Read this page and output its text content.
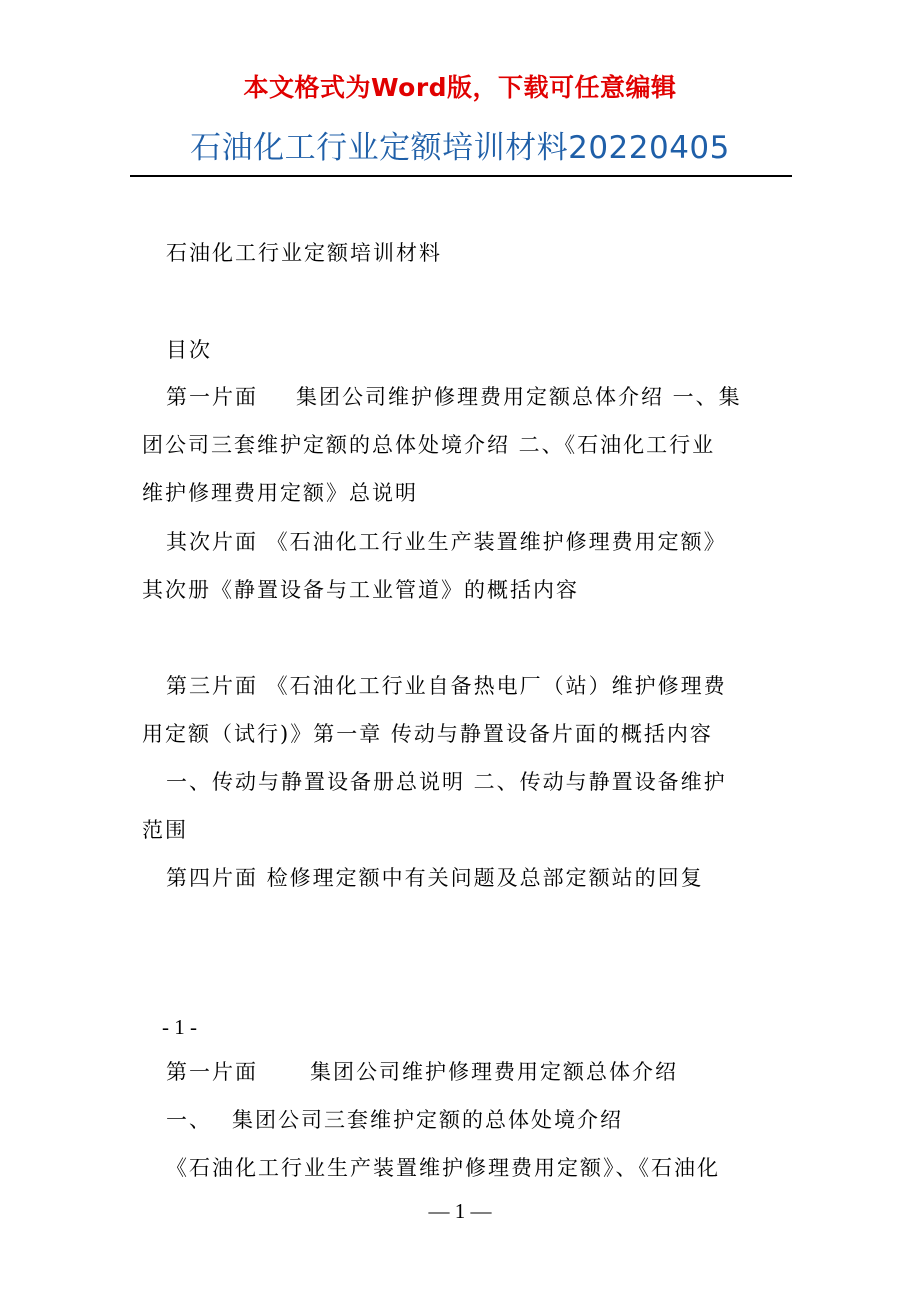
本文格式为Word版，下载可任意编辑
石油化工行业定额培训材料20220405
石油化工行业定额培训材料
目次
第一片面 集团公司维护修理费用定额总体介绍 一、集
团公司三套维护定额的总体处境介绍 二、《石油化工行业
维护修理费用定额》总说明
其次片面 《石油化工行业生产装置维护修理费用定额》
其次册《静置设备与工业管道》的概括内容
第三片面 《石油化工行业自备热电厂（站）维护修理费
用定额（试行)》第一章 传动与静置设备片面的概括内容
一、传动与静置设备册总说明 二、传动与静置设备维护
范围
第四片面 检修理定额中有关问题及总部定额站的回复
- 1 -
第一片面 集团公司维护修理费用定额总体介绍
一、 集团公司三套维护定额的总体处境介绍
《石油化工行业生产装置维护修理费用定额》、《石油化
— 1 —
